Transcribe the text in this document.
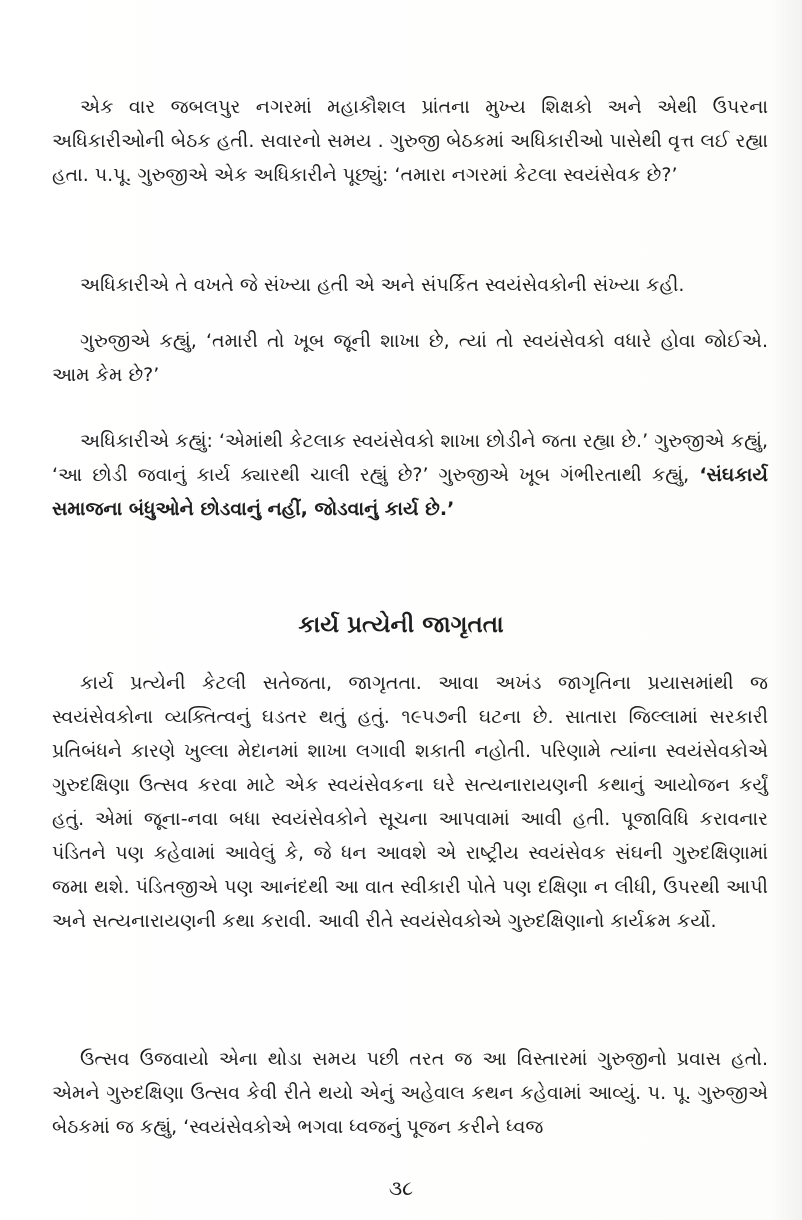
એક વાર જબલપુર નગરમાં મહાકૌશલ પ્રાંતના મુખ્ય શિક્ષકો અને એથી ઉપરના અધિકારીઓની બેઠક હતી. સવારનો સમય . ગુરુજી બેઠકમાં અધિકારીઓ પાસેથી વૃત્ત લઈ રહ્યા હતા. પ.પૂ. ગુરુજીએ એક અધિકારીને પૂછ્યું: ‘તમારા નગરમાં કેટલા સ્વયંસેવક છે?’

અધિકારીએ તે વખતે જે સંખ્યા હતી એ અને સંપર્કિત સ્વયંસેવકોની સંખ્યા કહી.

ગુરુજીએ કહ્યું, ‘તમારી તો ખૂબ જૂની શાખા છે, ત્યાં તો સ્વયંસેવકો વધારે હોવા જોઈએ. આમ કેમ છે?’

અધિકારીએ કહ્યું: ‘એમાંથી કેટલાક સ્વયંસેવકો શાખા છોડીને જતા રહ્યા છે.’ ગુરુજીએ કહ્યું, ‘આ છોડી જવાનું કાર્ય ક્યારથી ચાલી રહ્યું છે?’ ગુરુજીએ ખૂબ ગંભીરતાથી કહ્યું, ‘સંઘકાર્ય સમાજના બંધુઓને છોડવાનું નહીં, જોડવાનું કાર્ય છે.’

કાર્ય પ્રત્યેની જાગૃતતા

કાર્ય પ્રત્યેની કેટલી સતેજતા, જાગૃતતા. આવા અખંડ જાગૃતિના પ્રયાસમાંથી જ સ્વયંસેવકોના વ્યક્તિત્વનું ઘડતર થતું હતું. ૧૯૫૭ની ઘટના છે. સાતારા જિલ્લામાં સરકારી પ્રતિબંધને કારણે ખુલ્લા મેદાનમાં શાખા લગાવી શકાતી નહોતી. પરિણામે ત્યાંના સ્વયંસેવકોએ ગુરુદક્ષિણા ઉત્સવ કરવા માટે એક સ્વયંસેવકના ઘરે સત્યનારાયણની કથાનું આયોજન કર્યું હતું. એમાં જૂના-નવા બધા સ્વયંસેવકોને સૂચના આપવામાં આવી હતી. પૂજાવિધિ કરાવનાર પંડિતને પણ કહેવામાં આવેલું કે, જે ધન આવશે એ રાષ્ટ્રીય સ્વયંસેવક સંઘની ગુરુદક્ષિણામાં જમા થશે. પંડિતજીએ પણ આનંદથી આ વાત સ્વીકારી પોતે પણ દક્ષિણા ન લીધી, ઉપરથી આપી અને સત્યનારાયણની કથા કરાવી. આવી રીતે સ્વયંસેવકોએ ગુરુદક્ષિણાનો કાર્યક્રમ કર્યો.

ઉત્સવ ઉજવાયો એના થોડા સમય પછી તરત જ આ વિસ્તારમાં ગુરુજીનો પ્રવાસ હતો. એમને ગુરુદક્ષિણા ઉત્સવ કેવી રીતે થયો એનું અહેવાલ કથન કહેવામાં આવ્યું. પ. પૂ. ગુરુજીએ બેઠકમાં જ કહ્યું, ‘સ્વયંસેવકોએ ભગવા ધ્વજનું પૂજન કરીને ધ્વજ

૩૮
